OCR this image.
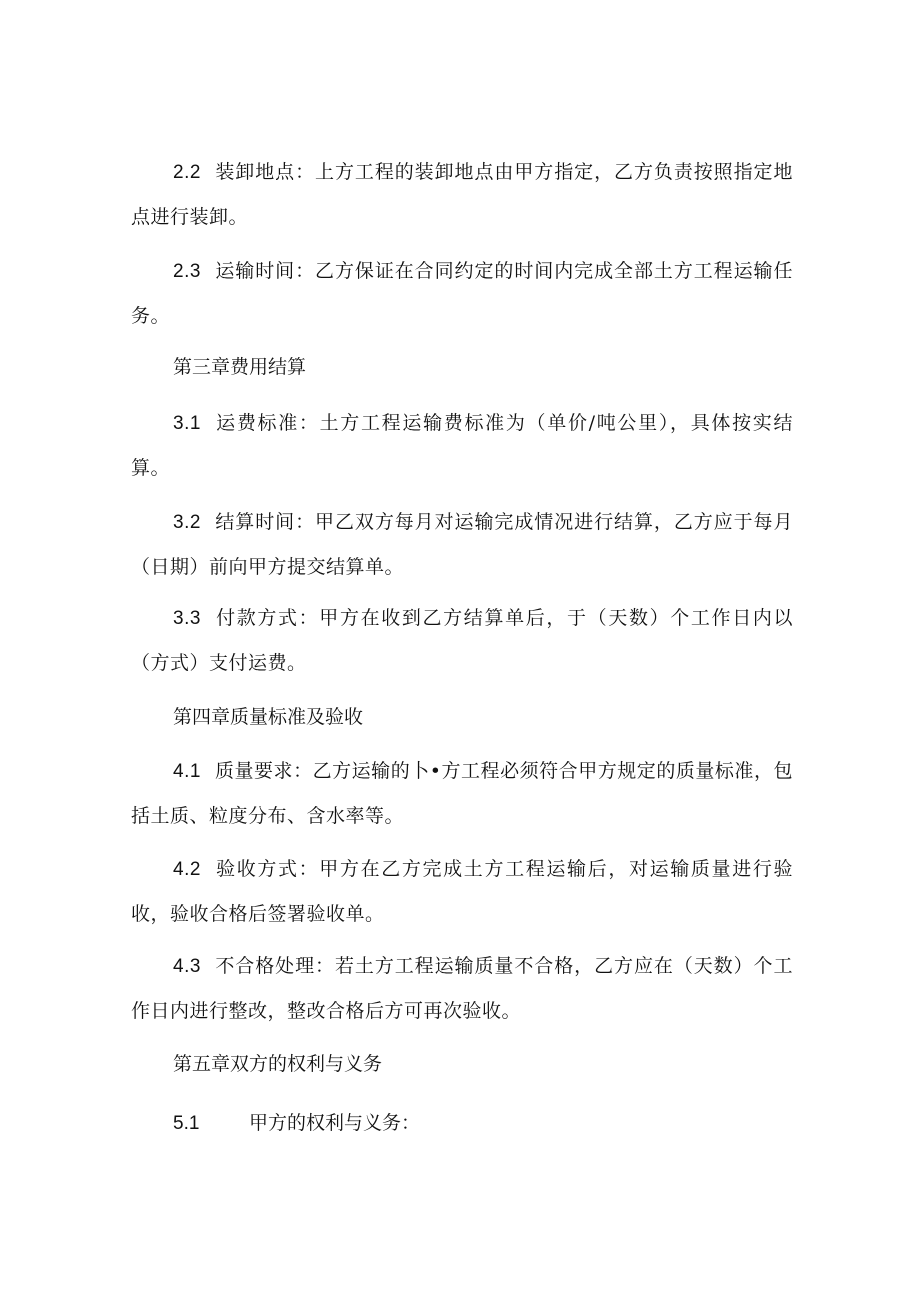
2.2 装卸地点：上方工程的装卸地点由甲方指定，乙方负责按照指定地点进行装卸。

2.3 运输时间：乙方保证在合同约定的时间内完成全部土方工程运输任务。

第三章费用结算

3.1 运费标准：土方工程运输费标准为（单价/吨公里），具体按实结算。

3.2 结算时间：甲乙双方每月对运输完成情况进行结算，乙方应于每月（日期）前向甲方提交结算单。

3.3 付款方式：甲方在收到乙方结算单后，于（天数）个工作日内以（方式）支付运费。

第四章质量标准及验收

4.1 质量要求：乙方运输的卜•方工程必须符合甲方规定的质量标准，包括土质、粒度分布、含水率等。

4.2 验收方式：甲方在乙方完成土方工程运输后，对运输质量进行验收，验收合格后签署验收单。

4.3 不合格处理：若土方工程运输质量不合格，乙方应在（天数）个工作日内进行整改，整改合格后方可再次验收。

第五章双方的权利与义务

5.1	甲方的权利与义务：
